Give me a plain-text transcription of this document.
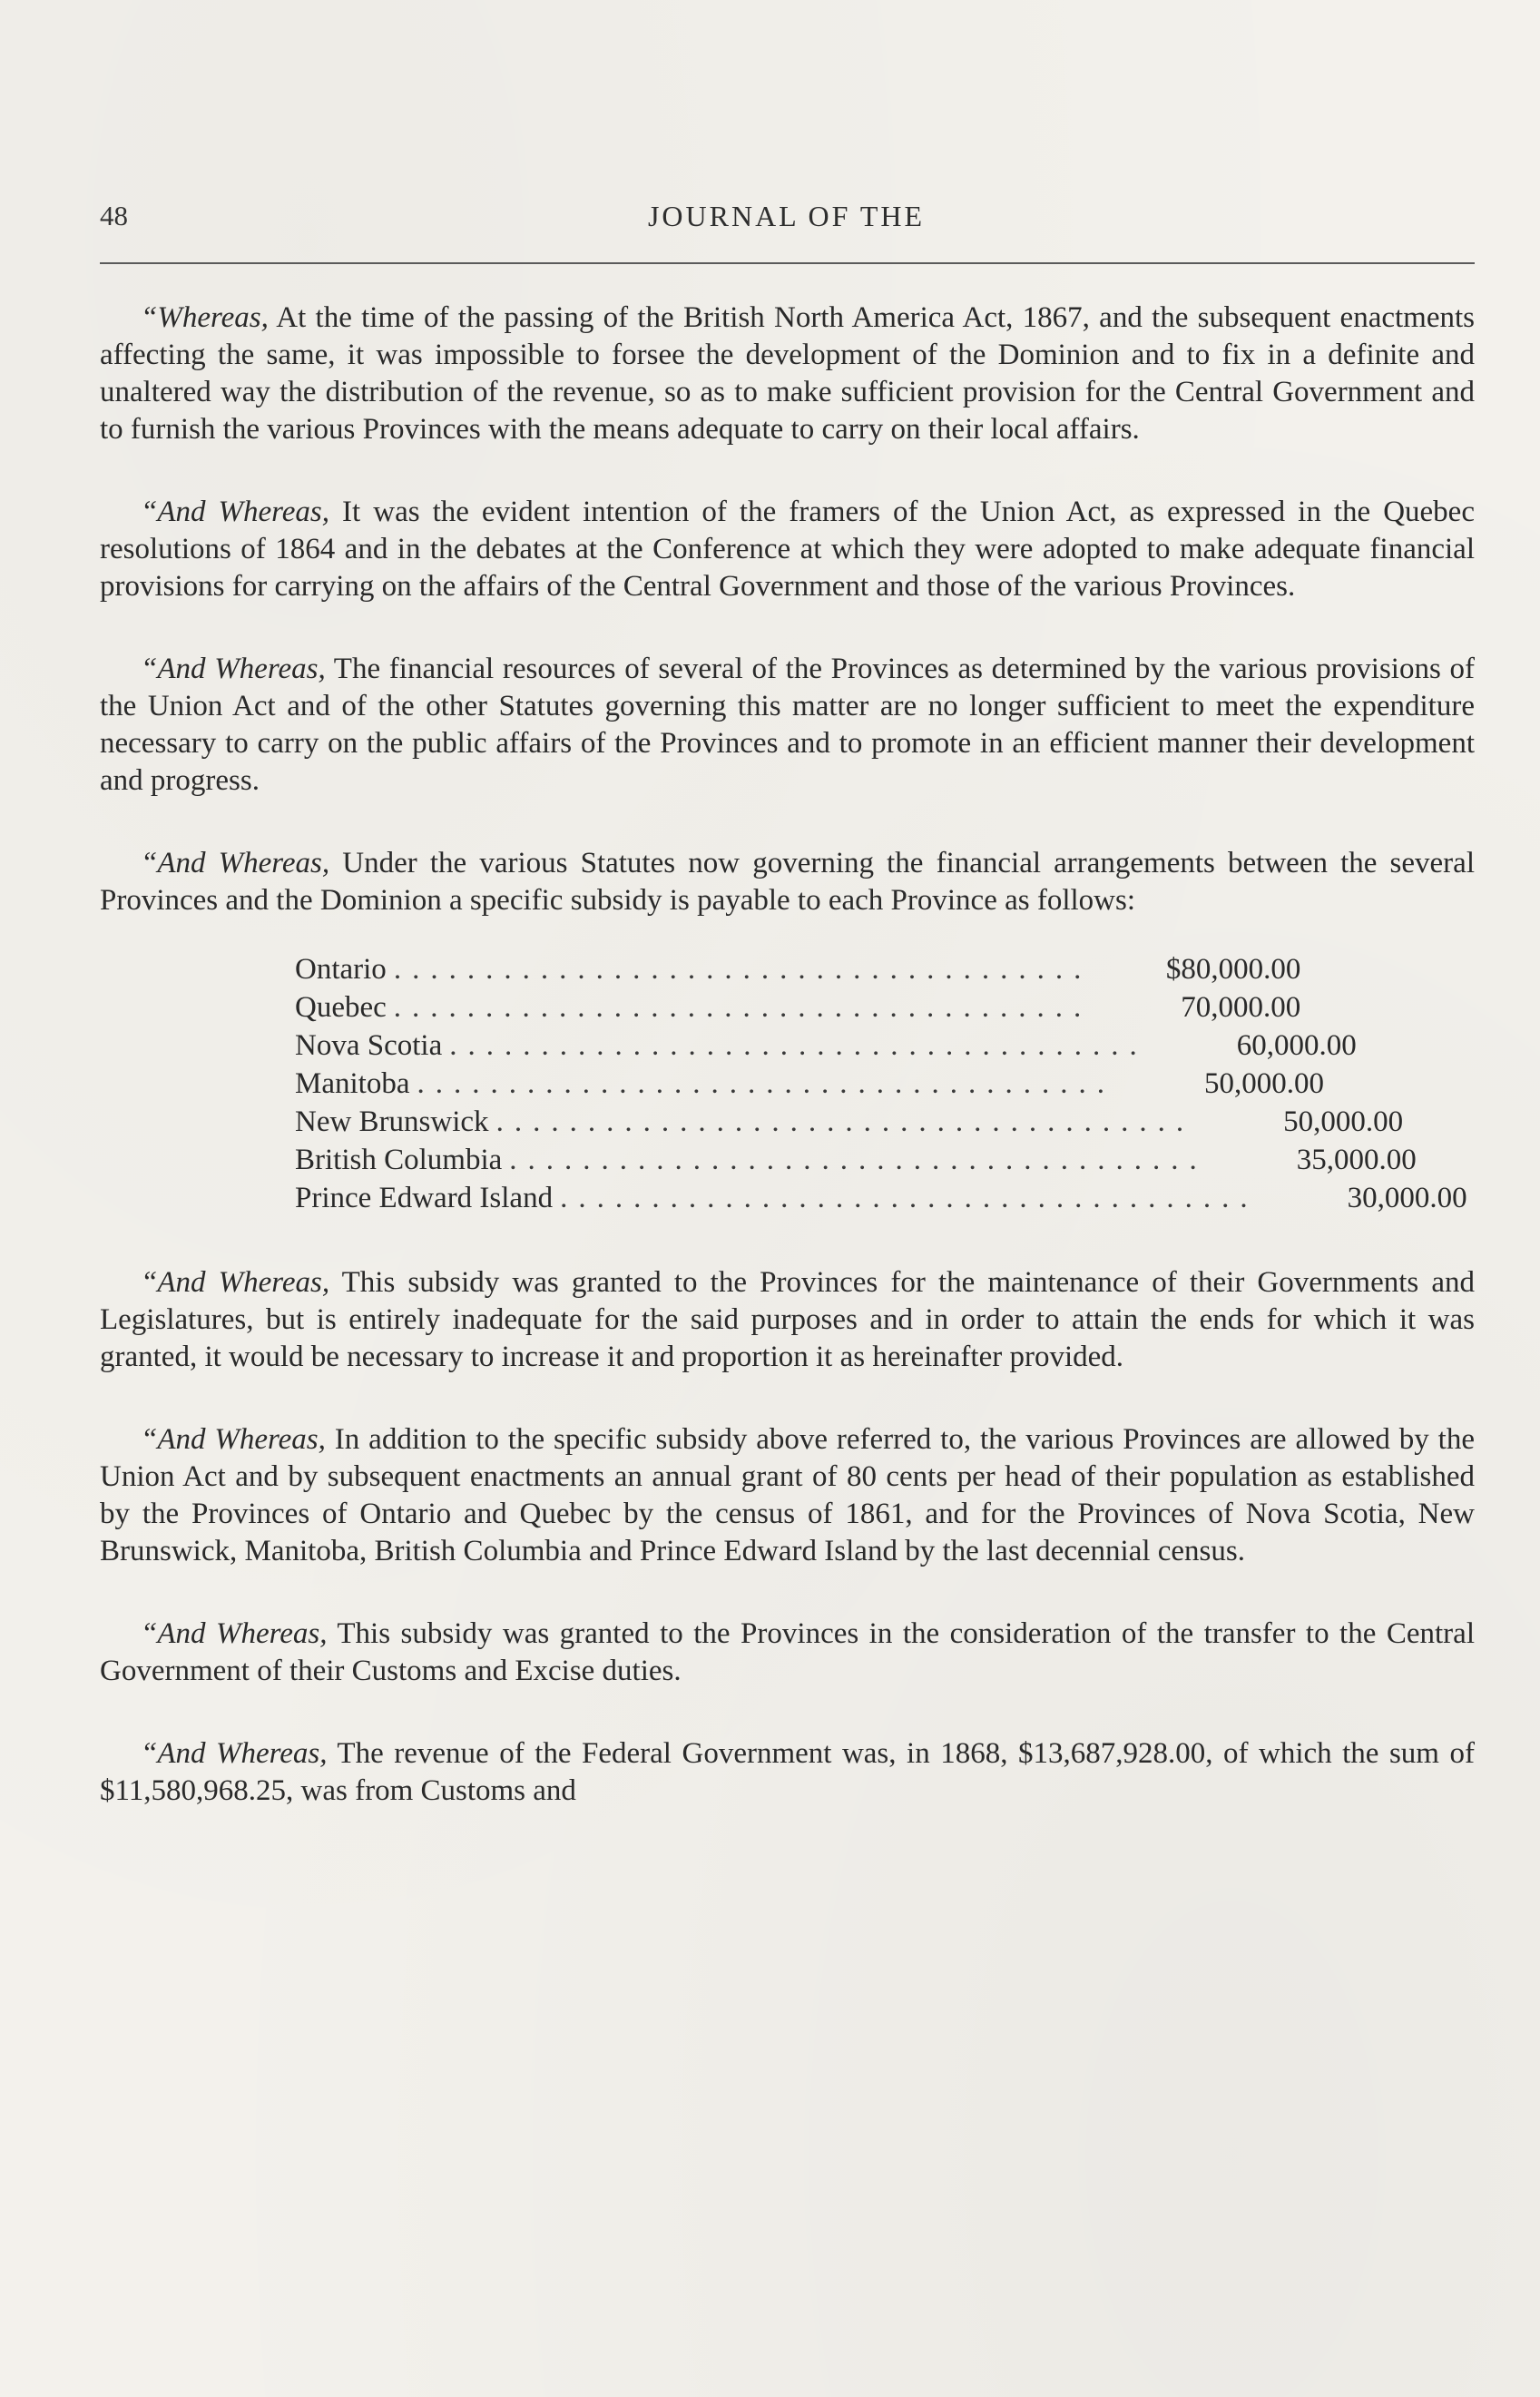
48	JOURNAL OF THE

“Whereas, At the time of the passing of the British North America Act, 1867, and the subsequent enactments affecting the same, it was impossible to forsee the development of the Dominion and to fix in a definite and unaltered way the distribution of the revenue, so as to make sufficient provision for the Central Government and to furnish the various Provinces with the means adequate to carry on their local affairs.

“And Whereas, It was the evident intention of the framers of the Union Act, as expressed in the Quebec resolutions of 1864 and in the debates at the Conference at which they were adopted to make adequate financial provisions for carrying on the affairs of the Central Government and those of the various Provinces.

“And Whereas, The financial resources of several of the Provinces as determined by the various provisions of the Union Act and of the other Statutes governing this matter are no longer sufficient to meet the expenditure necessary to carry on the public affairs of the Provinces and to promote in an efficient manner their development and progress.

“And Whereas, Under the various Statutes now governing the financial arrangements between the several Provinces and the Dominion a specific subsidy is payable to each Province as follows:

Ontario ......................................	$80,000.00
Quebec ......................................	70,000.00
Nova Scotia ......................................	60,000.00
Manitoba ......................................	50,000.00
New Brunswick ......................................	50,000.00
British Columbia ......................................	35,000.00
Prince Edward Island ......................................	30,000.00

“And Whereas, This subsidy was granted to the Provinces for the maintenance of their Governments and Legislatures, but is entirely inadequate for the said purposes and in order to attain the ends for which it was granted, it would be necessary to increase it and proportion it as hereinafter provided.

“And Whereas, In addition to the specific subsidy above referred to, the various Provinces are allowed by the Union Act and by subsequent enactments an annual grant of 80 cents per head of their population as established by the Provinces of Ontario and Quebec by the census of 1861, and for the Provinces of Nova Scotia, New Brunswick, Manitoba, British Columbia and Prince Edward Island by the last decennial census.

“And Whereas, This subsidy was granted to the Provinces in the consideration of the transfer to the Central Government of their Customs and Excise duties.

“And Whereas, The revenue of the Federal Government was, in 1868, $13,687,928.00, of which the sum of $11,580,968.25, was from Customs and
